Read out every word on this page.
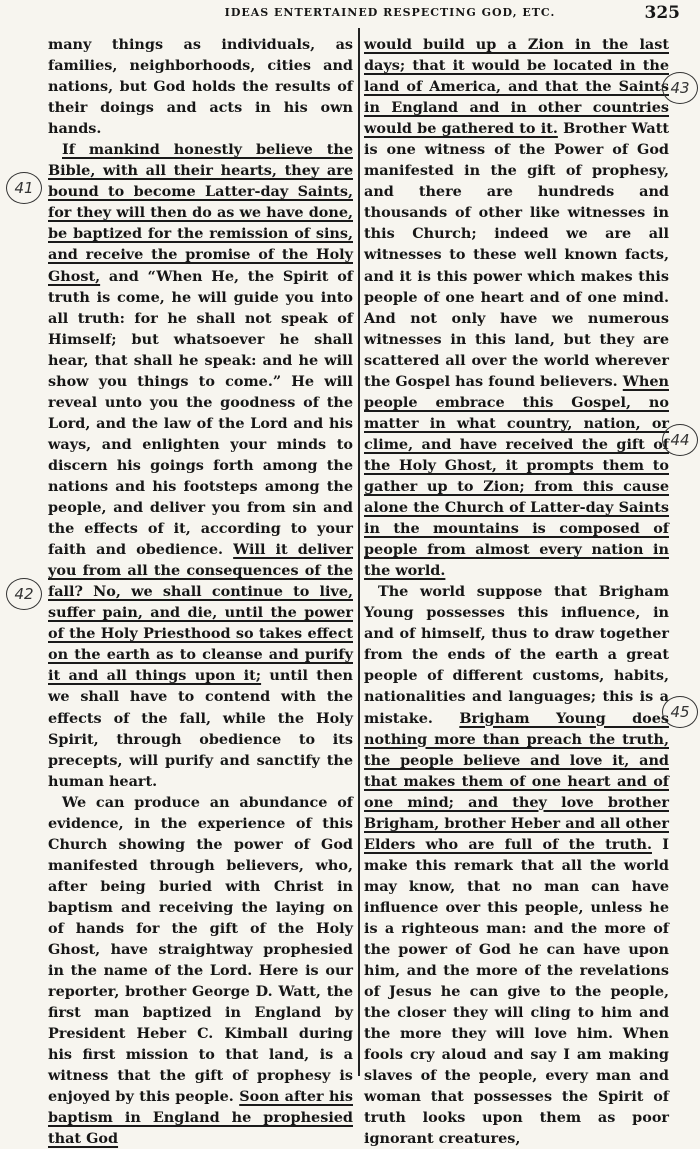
IDEAS ENTERTAINED RESPECTING GOD, ETC.	325

many things as individuals, as families, neighborhoods, cities and nations, but God holds the results of their doings and acts in his own hands.

If mankind honestly believe the Bible, with all their hearts, they are bound to become Latter-day Saints, for they will then do as we have done, be baptized for the remission of sins, and receive the promise of the Holy Ghost, and “When He, the Spirit of truth is come, he will guide you into all truth: for he shall not speak of Himself; but whatsoever he shall hear, that shall he speak: and he will show you things to come.” He will reveal unto you the goodness of the Lord, and the law of the Lord and his ways, and enlighten your minds to discern his goings forth among the nations and his footsteps among the people, and deliver you from sin and the effects of it, according to your faith and obedience. Will it deliver you from all the consequences of the fall? No, we shall continue to live, suffer pain, and die, until the power of the Holy Priesthood so takes effect on the earth as to cleanse and purify it and all things upon it; until then we shall have to contend with the effects of the fall, while the Holy Spirit, through obedience to its precepts, will purify and sanctify the human heart.

We can produce an abundance of evidence, in the experience of this Church showing the power of God manifested through believers, who, after being buried with Christ in baptism and receiving the laying on of hands for the gift of the Holy Ghost, have straightway prophesied in the name of the Lord. Here is our reporter, brother George D. Watt, the first man baptized in England by President Heber C. Kimball during his first mission to that land, is a witness that the gift of prophesy is enjoyed by this people. Soon after his baptism in England he prophesied that God

would build up a Zion in the last days; that it would be located in the land of America, and that the Saints in England and in other countries would be gathered to it. Brother Watt is one witness of the Power of God manifested in the gift of prophesy, and there are hundreds and thousands of other like witnesses in this Church; indeed we are all witnesses to these well known facts, and it is this power which makes this people of one heart and of one mind. And not only have we numerous witnesses in this land, but they are scattered all over the world wherever the Gospel has found believers. When people embrace this Gospel, no matter in what country, nation, or clime, and have received the gift of the Holy Ghost, it prompts them to gather up to Zion; from this cause alone the Church of Latter-day Saints in the mountains is composed of people from almost every nation in the world.

The world suppose that Brigham Young possesses this influence, in and of himself, thus to draw together from the ends of the earth a great people of different customs, habits, nationalities and languages; this is a mistake. Brigham Young does nothing more than preach the truth, the people believe and love it, and that makes them of one heart and of one mind; and they love brother Brigham, brother Heber and all other Elders who are full of the truth. I make this remark that all the world may know, that no man can have influence over this people, unless he is a righteous man: and the more of the power of God he can have upon him, and the more of the revelations of Jesus he can give to the people, the closer they will cling to him and the more they will love him. When fools cry aloud and say I am making slaves of the people, every man and woman that possesses the Spirit of truth looks upon them as poor ignorant creatures,

41
42
43
44
45
